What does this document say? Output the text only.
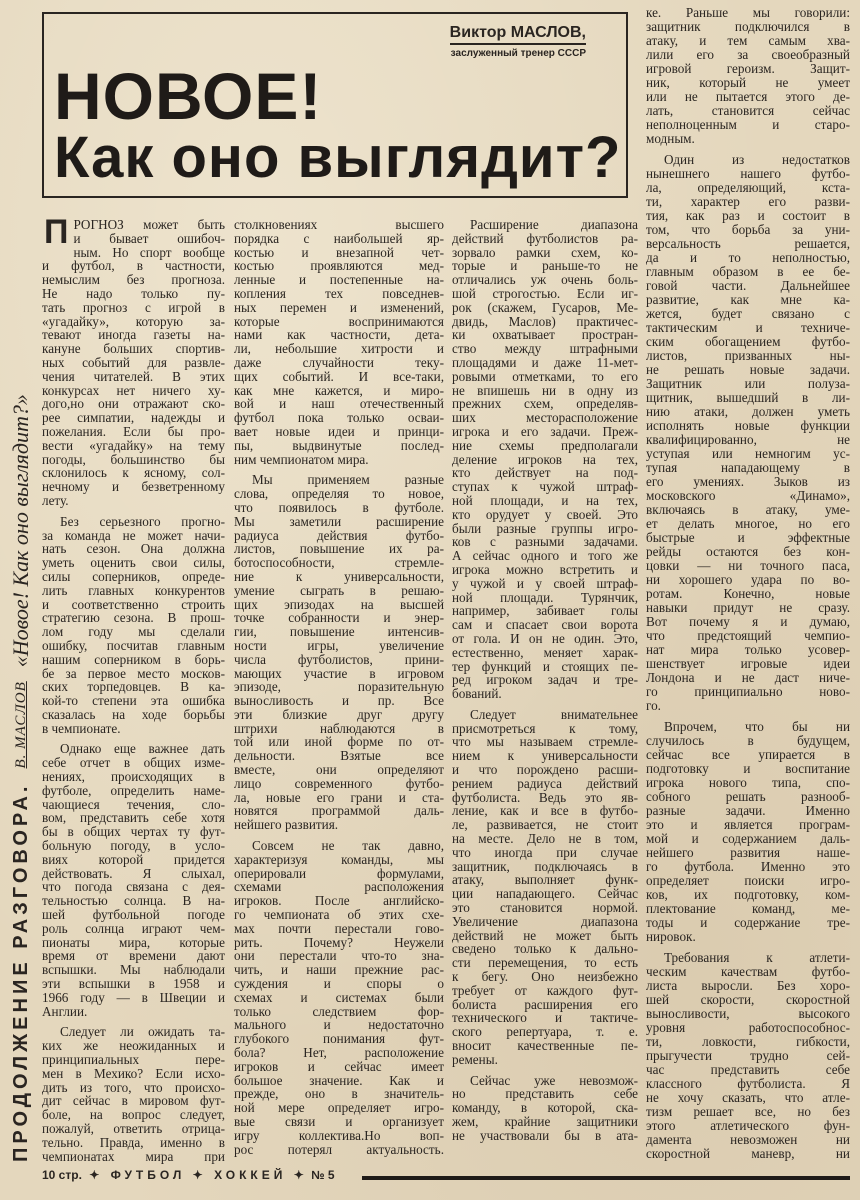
ПРОДОЛЖЕНИЕ РАЗГОВОРА.
В. МАСЛОВ
«Новое! Как оно выглядит?»
Виктор МАСЛОВ,
заслуженный тренер СССР
НОВОЕ!
Как оно выглядит?
П РОГНОЗ может быть
и бывает ошибоч-
ным. Но спорт вообще
и футбол, в частности,
немыслим без прогноза.
Не надо только пу-
тать прогноз с игрой в
«угадайку», которую за-
тевают иногда газеты на-
кануне больших спортив-
ных событий для развле-
чения читателей. В этих
конкурсах нет ничего ху-
дого,но они отражают ско-
рее симпатии, надежды и
пожелания. Если бы про-
вести «угадайку» на тему
погоды, большинство бы
склонилось к ясному, сол-
нечному и безветренному
лету.
Без серьезного прогно-
за команда не может начи-
нать сезон. Она должна
уметь оценить свои силы,
силы соперников, опреде-
лить главных конкурентов
и соответственно строить
стратегию сезона. В прош-
лом году мы сделали
ошибку, посчитав главным
нашим соперником в борь-
бе за первое место москов-
ских торпедовцев. В ка-
кой-то степени эта ошибка
сказалась на ходе борьбы
в чемпионате.
Однако еще важнее дать
себе отчет в общих изме-
нениях, происходящих в
футболе, определить наме-
чающиеся течения, сло-
вом, представить себе хотя
бы в общих чертах ту фут-
больную погоду, в усло-
виях которой придется
действовать. Я слыхал,
что погода связана с дея-
тельностью солнца. В на-
шей футбольной погоде
роль солнца играют чем-
пионаты мира, которые
время от времени дают
вспышки. Мы наблюдали
эти вспышки в 1958 и
1966 году — в Швеции и
Англии.
Следует ли ожидать та-
ких же неожиданных и
принципиальных пере-
мен в Мехико? Если исхо-
дить из того, что происхо-
дит сейчас в мировом фут-
боле, на вопрос следует,
пожалуй, ответить отрица-
тельно. Правда, именно в
чемпионатах мира при
столкновениях высшего
порядка с наибольшей яр-
костью и внезапной чет-
костью проявляются мед-
ленные и постепенные на-
копления тех повседнев-
ных перемен и изменений,
которые воспринимаются
нами как частности, дета-
ли, небольшие хитрости и
даже случайности теку-
щих событий. И все-таки,
как мне кажется, и миро-
вой и наш отечественный
футбол пока только осваи-
вает новые идеи и принци-
пы, выдвинутые послед-
ним чемпионатом мира.
Мы применяем разные
слова, определяя то новое,
что появилось в футболе.
Мы заметили расширение
радиуса действия футбо-
листов, повышение их ра-
ботоспособности, стремле-
ние к универсальности,
умение сыграть в решаю-
щих эпизодах на высшей
точке собранности и энер-
гии, повышение интенсив-
ности игры, увеличение
числа футболистов, прини-
мающих участие в игровом
эпизоде, поразительную
выносливость и пр. Все
эти близкие друг другу
штрихи наблюдаются в
той или иной форме по от-
дельности. Взятые все
вместе, они определяют
лицо современного футбо-
ла, новые его грани и ста-
новятся программой даль-
нейшего развития.
Совсем не так давно,
характеризуя команды, мы
оперировали формулами,
схемами расположения
игроков. После английско-
го чемпионата об этих схе-
мах почти перестали гово-
рить. Почему? Неужели
они перестали что-то зна-
чить, и наши прежние рас-
суждения и споры о
схемах и системах были
только следствием фор-
мального и недостаточно
глубокого понимания фут-
бола? Нет, расположение
игроков и сейчас имеет
большое значение. Как и
прежде, оно в значитель-
ной мере определяет игро-
вые связи и организует
игру коллектива.Но воп-
рос потерял актуальность.
Расширение диапазона
действий футболистов ра-
зорвало рамки схем, ко-
торые и раньше-то не
отличались уж очень боль-
шой строгостью. Если иг-
рок (скажем, Гусаров, Ме-
двидь, Маслов) практичес-
ки охватывает простран-
ство между штрафными
площадями и даже 11-мет-
ровыми отметками, то его
не впишешь ни в одну из
прежних схем, определяв-
ших месторасположение
игрока и его задачи. Преж-
ние схемы предполагали
деление игроков на тех,
кто действует на под-
ступах к чужой штраф-
ной площади, и на тех,
кто орудует у своей. Это
были разные группы игро-
ков с разными задачами.
А сейчас одного и того же
игрока можно встретить и
у чужой и у своей штраф-
ной площади. Турянчик,
например, забивает голы
сам и спасает свои ворота
от гола. И он не один. Это,
естественно, меняет харак-
тер функций и стоящих пе-
ред игроком задач и тре-
бований.
Следует внимательнее
присмотреться к тому,
что мы называем стремле-
нием к универсальности
и что порождено расши-
рением радиуса действий
футболиста. Ведь это яв-
ление, как и все в футбо-
ле, развивается, не стоит
на месте. Дело не в том,
что иногда при случае
защитник, подключаясь в
атаку, выполняет функ-
ции нападающего. Сейчас
это становится нормой.
Увеличение диапазона
действий не может быть
сведено только к дально-
сти перемещения, то есть
к бегу. Оно неизбежно
требует от каждого фут-
болиста расширения его
технического и тактиче-
ского репертуара, т. е.
вносит качественные пе-
ремены.
Сейчас уже невозмож-
но представить себе
команду, в которой, ска-
жем, крайние защитники
не участвовали бы в ата-
ке. Раньше мы говорили:
защитник подключился в
атаку, и тем самым хва-
лили его за своеобразный
игровой героизм. Защит-
ник, который не умеет
или не пытается этого де-
лать, становится сейчас
неполноценным и старо-
модным.
Один из недостатков
нынешнего нашего футбо-
ла, определяющий, кста-
ти, характер его разви-
тия, как раз и состоит в
том, что борьба за уни-
версальность решается,
да и то неполностью,
главным образом в ее бе-
говой части. Дальнейшее
развитие, как мне ка-
жется, будет связано с
тактическим и техниче-
ским обогащением футбо-
листов, призванных ны-
не решать новые задачи.
Защитник или полуза-
щитник, вышедший в ли-
нию атаки, должен уметь
исполнять новые функции
квалифицированно, не
уступая или немногим ус-
тупая нападающему в
его умениях. Зыков из
московского «Динамо»,
включаясь в атаку, уме-
ет делать многое, но его
быстрые и эффектные
рейды остаются без кон-
цовки — ни точного паса,
ни хорошего удара по во-
ротам. Конечно, новые
навыки придут не сразу.
Вот почему я и думаю,
что предстоящий чемпио-
нат мира только усовер-
шенствует игровые идеи
Лондона и не даст ниче-
го принципиально ново-
го.
Впрочем, что бы ни
случилось в будущем,
сейчас все упирается в
подготовку и воспитание
игрока нового типа, спо-
собного решать разнооб-
разные задачи. Именно
это и является програм-
мой и содержанием даль-
нейшего развития наше-
го футбола. Именно это
определяет поиски игро-
ков, их подготовку, ком-
плектование команд, ме-
тоды и содержание тре-
нировок.
Требования к атлети-
ческим качествам футбо-
листа выросли. Без хоро-
шей скорости, скоростной
выносливости, высокого
уровня работоспособнос-
ти, ловкости, гибкости,
прыгучести трудно сей-
час представить себе
классного футболиста. Я
не хочу сказать, что атле-
тизм решает все, но без
этого атлетического фун-
дамента невозможен ни
скоростной маневр, ни
10 стр. ✦ ФУТБОЛ ✦ ХОККЕЙ ✦ № 5
